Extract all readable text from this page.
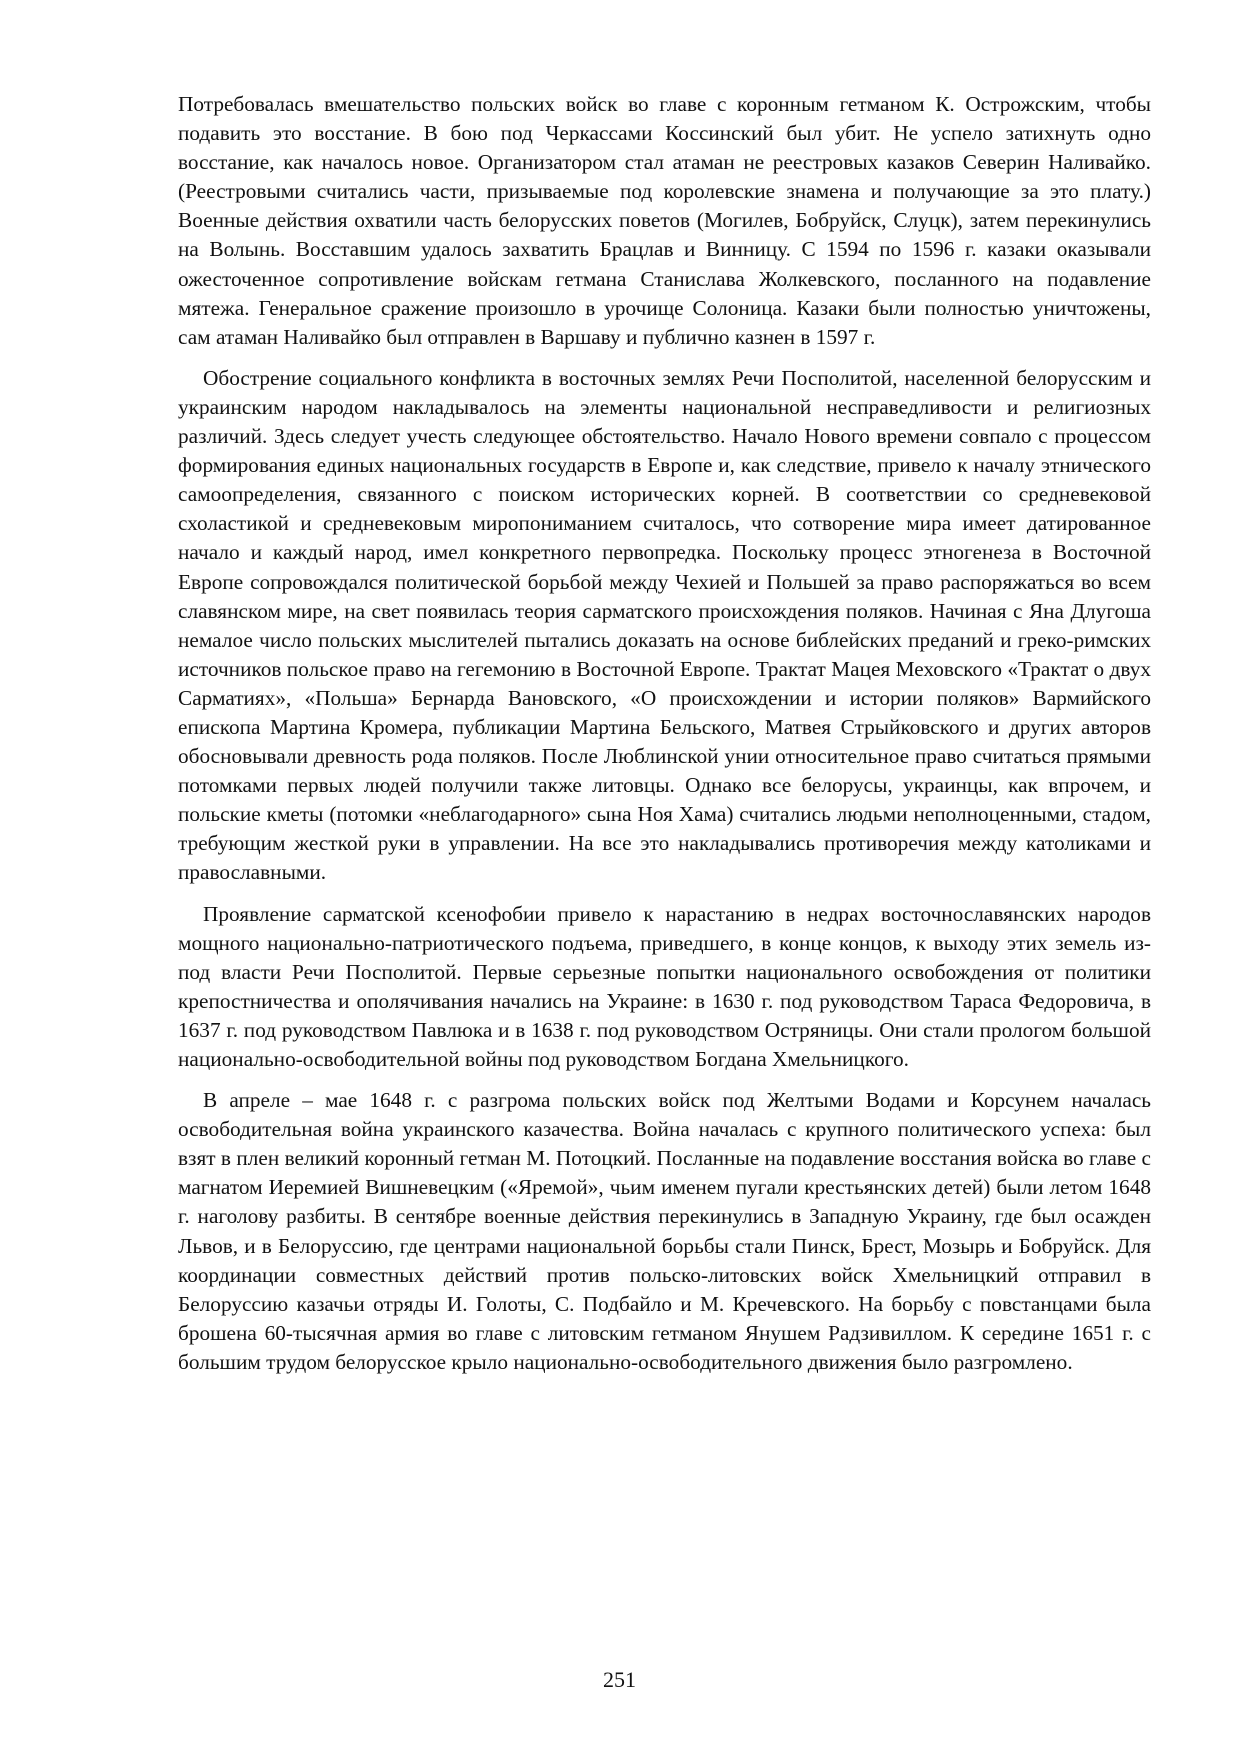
Потребовалась вмешательство польских войск во главе с коронным гетманом К. Острожским, чтобы подавить это восстание. В бою под Черкассами Коссинский был убит. Не успело затихнуть одно восстание, как началось новое. Организатором стал атаман не реестровых казаков Северин Наливайко. (Реестровыми считались части, призываемые под королевские знамена и получающие за это плату.) Военные действия охватили часть белорусских поветов (Могилев, Бобруйск, Слуцк), затем перекинулись на Волынь. Восставшим удалось захватить Брацлав и Винницу. С 1594 по 1596 г. казаки оказывали ожесточенное сопротивление войскам гетмана Станислава Жолкевского, посланного на подавление мятежа. Генеральное сражение произошло в урочище Солоница. Казаки были полностью уничтожены, сам атаман Наливайко был отправлен в Варшаву и публично казнен в 1597 г.

Обострение социального конфликта в восточных землях Речи Посполитой, населенной белорусским и украинским народом накладывалось на элементы национальной несправедливости и религиозных различий. Здесь следует учесть следующее обстоятельство. Начало Нового времени совпало с процессом формирования единых национальных государств в Европе и, как следствие, привело к началу этнического самоопределения, связанного с поиском исторических корней. В соответствии со средневековой схоластикой и средневековым миропониманием считалось, что сотворение мира имеет датированное начало и каждый народ, имел конкретного первопредка. Поскольку процесс этногенеза в Восточной Европе сопровождался политической борьбой между Чехией и Польшей за право распоряжаться во всем славянском мире, на свет появилась теория сарматского происхождения поляков. Начиная с Яна Длугоша немалое число польских мыслителей пытались доказать на основе библейских преданий и греко-римских источников польское право на гегемонию в Восточной Европе. Трактат Мацея Меховского «Трактат о двух Сарматиях», «Польша» Бернарда Вановского, «О происхождении и истории поляков» Вармийского епископа Мартина Кромера, публикации Мартина Бельского, Матвея Стрыйковского и других авторов обосновывали древность рода поляков. После Люблинской унии относительное право считаться прямыми потомками первых людей получили также литовцы. Однако все белорусы, украинцы, как впрочем, и польские кметы (потомки «неблагодарного» сына Ноя Хама) считались людьми неполноценными, стадом, требующим жесткой руки в управлении. На все это накладывались противоречия между католиками и православными.

Проявление сарматской ксенофобии привело к нарастанию в недрах восточнославянских народов мощного национально-патриотического подъема, приведшего, в конце концов, к выходу этих земель из-под власти Речи Посполитой. Первые серьезные попытки национального освобождения от политики крепостничества и ополячивания начались на Украине: в 1630 г. под руководством Тараса Федоровича, в 1637 г. под руководством Павлюка и в 1638 г. под руководством Остряницы. Они стали прологом большой национально-освободительной войны под руководством Богдана Хмельницкого.

В апреле – мае 1648 г. с разгрома польских войск под Желтыми Водами и Корсунем началась освободительная война украинского казачества. Война началась с крупного политического успеха: был взят в плен великий коронный гетман М. Потоцкий. Посланные на подавление восстания войска во главе с магнатом Иеремией Вишневецким («Яремой», чьим именем пугали крестьянских детей) были летом 1648 г. наголову разбиты. В сентябре военные действия перекинулись в Западную Украину, где был осажден Львов, и в Белоруссию, где центрами национальной борьбы стали Пинск, Брест, Мозырь и Бобруйск. Для координации совместных действий против польско-литовских войск Хмельницкий отправил в Белоруссию казачьи отряды И. Голоты, С. Подбайло и М. Кречевского. На борьбу с повстанцами была брошена 60-тысячная армия во главе с литовским гетманом Янушем Радзивиллом. К середине 1651 г. с большим трудом белорусское крыло национально-освободительного движения было разгромлено.

251
